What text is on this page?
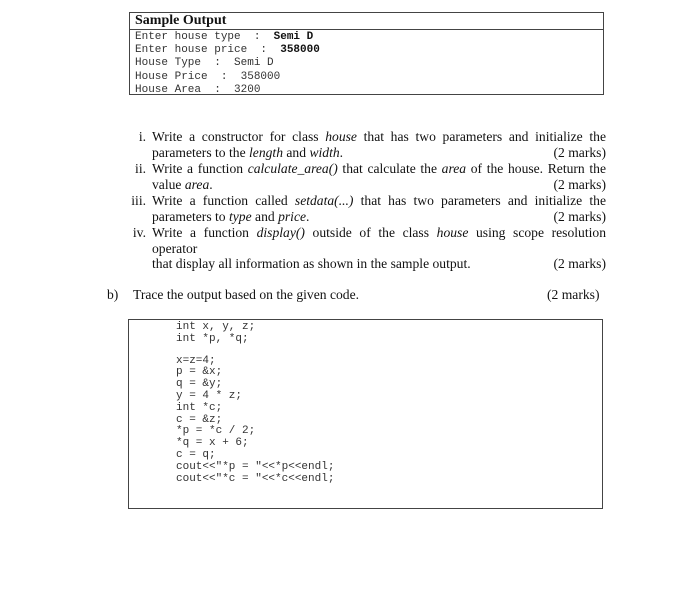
Sample Output
Enter house type  :  Semi D
Enter house price  :  358000
House Type  :  Semi D
House Price  :  358000
House Area  :  3200
i. Write a constructor for class house that has two parameters and initialize the
parameters to the length and width.	(2 marks)
ii. Write a function calculate_area() that calculate the area of the house. Return the
value area.	(2 marks)
iii. Write a function called setdata(...) that has two parameters and initialize the
parameters to type and price.	(2 marks)
iv. Write a function display() outside of the class house using scope resolution operator
that display all information as shown in the sample output.	(2 marks)
b) Trace the output based on the given code.	(2 marks)
int x, y, z;
int *p, *q;
x=z=4;
p = &x;
q = &y;
y = 4 * z;
int *c;
c = &z;
*p = *c / 2;
*q = x + 6;
c = q;
cout<<"*p = "<<*p<<endl;
cout<<"*c = "<<*c<<endl;
